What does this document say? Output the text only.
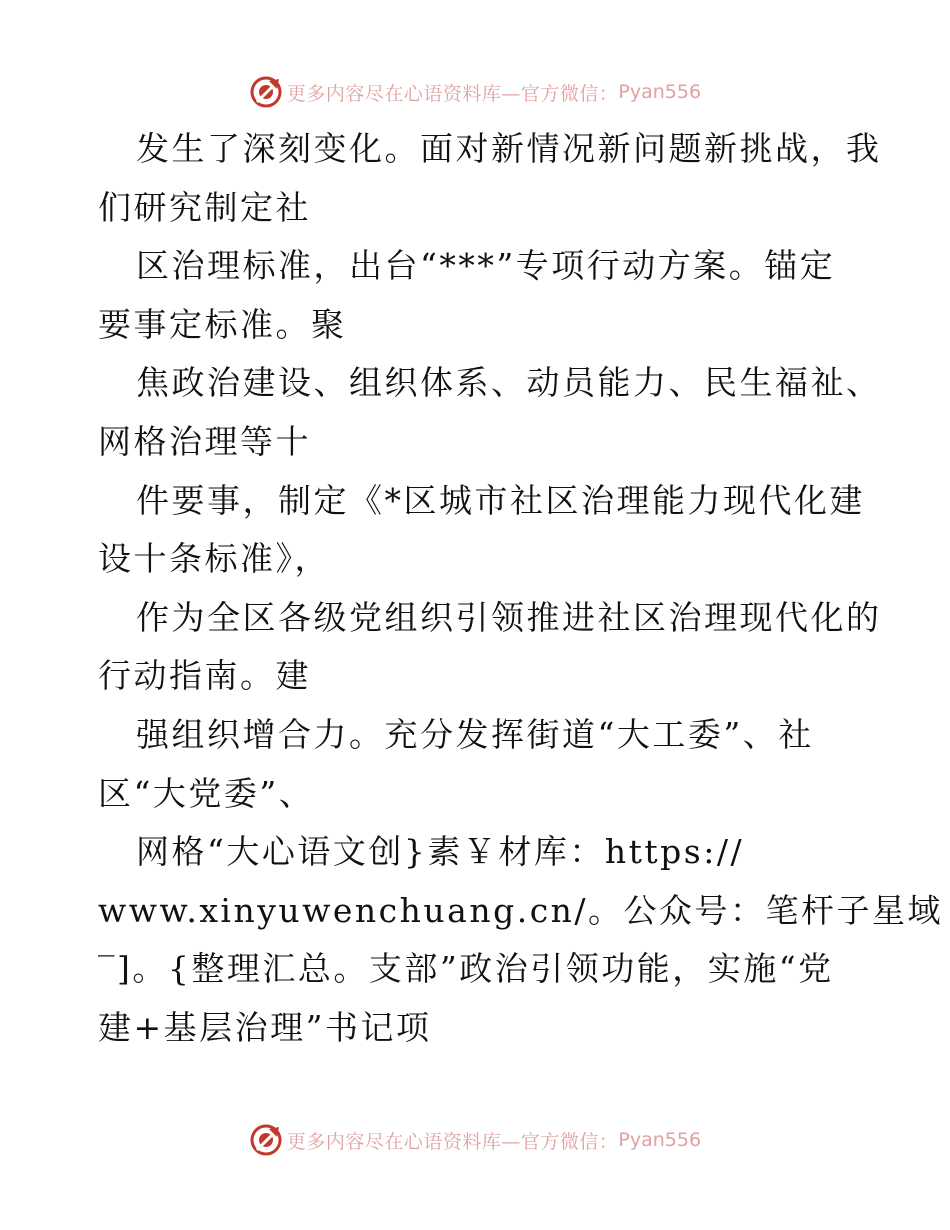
更多内容尽在心语资料库—官方微信： Pyan556
发生了深刻变化。面对新情况新问题新挑战，我
们研究制定社
区治理标准，出台“***”专项行动方案。锚定
要事定标准。聚
焦政治建设、组织体系、动员能力、民生福祉、
网格治理等十
件要事，制定《*区城市社区治理能力现代化建
设十条标准》，
作为全区各级党组织引领推进社区治理现代化的
行动指南。建
强组织增合力。充分发挥街道“大工委”、社
区“大党委”、
网格“大心语文创}素￥材库：https://
www.xinyuwenchuang.cn/。公众号：笔杆子星域
‾]。{整理汇总。支部”政治引领功能，实施“党
建+基层治理”书记项
更多内容尽在心语资料库—官方微信： Pyan556
